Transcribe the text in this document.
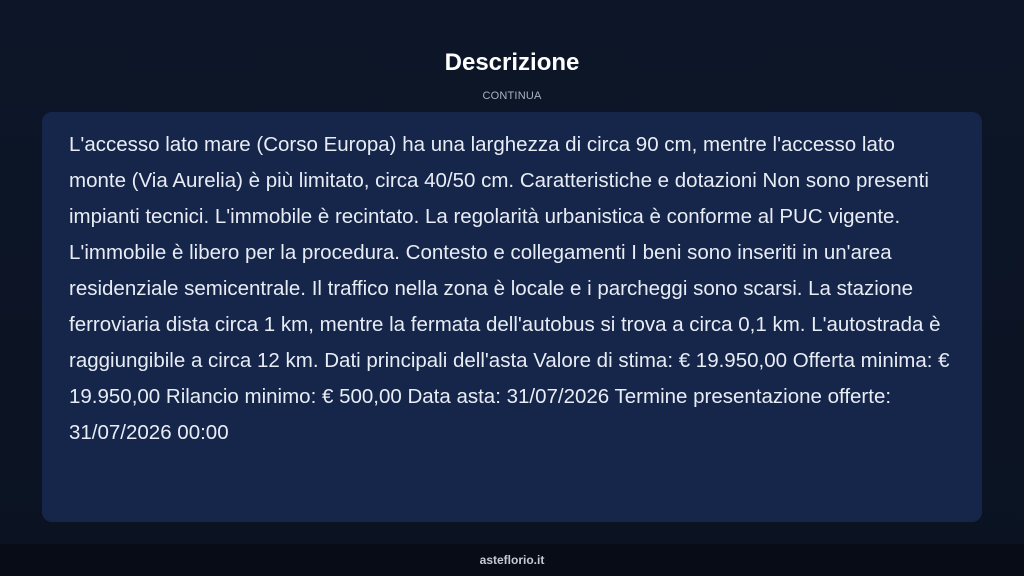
Descrizione
CONTINUA

L'accesso lato mare (Corso Europa) ha una larghezza di circa 90 cm, mentre l'accesso lato monte (Via Aurelia) è più limitato, circa 40/50 cm. Caratteristiche e dotazioni Non sono presenti impianti tecnici. L'immobile è recintato. La regolarità urbanistica è conforme al PUC vigente. L'immobile è libero per la procedura. Contesto e collegamenti I beni sono inseriti in un'area residenziale semicentrale. Il traffico nella zona è locale e i parcheggi sono scarsi. La stazione ferroviaria dista circa 1 km, mentre la fermata dell'autobus si trova a circa 0,1 km. L'autostrada è raggiungibile a circa 12 km. Dati principali dell'asta Valore di stima: € 19.950,00 Offerta minima: € 19.950,00 Rilancio minimo: € 500,00 Data asta: 31/07/2026 Termine presentazione offerte: 31/07/2026 00:00

asteflorio.it
